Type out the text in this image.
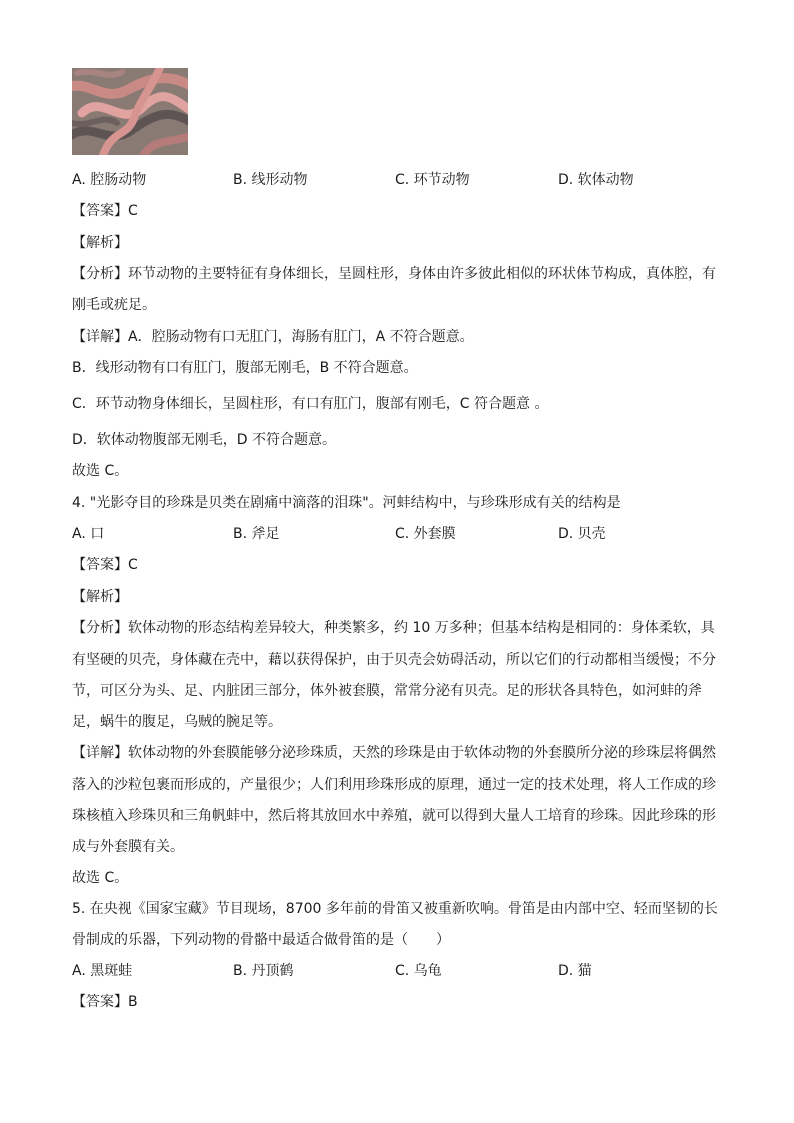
A. 腔肠动物	B. 线形动物	C. 环节动物	D. 软体动物
【答案】C
【解析】
【分析】环节动物的主要特征有身体细长，呈圆柱形，身体由许多彼此相似的环状体节构成，真体腔，有
刚毛或疣足。
【详解】A．腔肠动物有口无肛门，海肠有肛门，A 不符合题意。
B．线形动物有口有肛门，腹部无刚毛，B 不符合题意。
C．环节动物身体细长，呈圆柱形，有口有肛门，腹部有刚毛，C 符合题意 。
D．软体动物腹部无刚毛，D 不符合题意。
故选 C。
4. "光影夺目的珍珠是贝类在剧痛中滴落的泪珠"。河蚌结构中，与珍珠形成有关的结构是
A. 口	B. 斧足	C. 外套膜	D. 贝壳
【答案】C
【解析】
【分析】软体动物的形态结构差异较大，种类繁多，约 10 万多种；但基本结构是相同的：身体柔软，具
有坚硬的贝壳，身体藏在壳中，藉以获得保护，由于贝壳会妨碍活动，所以它们的行动都相当缓慢；不分
节，可区分为头、足、内脏团三部分，体外被套膜，常常分泌有贝壳。足的形状各具特色，如河蚌的斧
足，蜗牛的腹足，乌贼的腕足等。
【详解】软体动物的外套膜能够分泌珍珠质，天然的珍珠是由于软体动物的外套膜所分泌的珍珠层将偶然
落入的沙粒包裹而形成的，产量很少；人们利用珍珠形成的原理，通过一定的技术处理，将人工作成的珍
珠核植入珍珠贝和三角帆蚌中，然后将其放回水中养殖，就可以得到大量人工培育的珍珠。因此珍珠的形
成与外套膜有关。
故选 C。
5. 在央视《国家宝藏》节目现场，8700 多年前的骨笛又被重新吹响。骨笛是由内部中空、轻而坚韧的长
骨制成的乐器，下列动物的骨骼中最适合做骨笛的是（　　）
A. 黑斑蛙	B. 丹顶鹤	C. 乌龟	D. 猫
【答案】B
